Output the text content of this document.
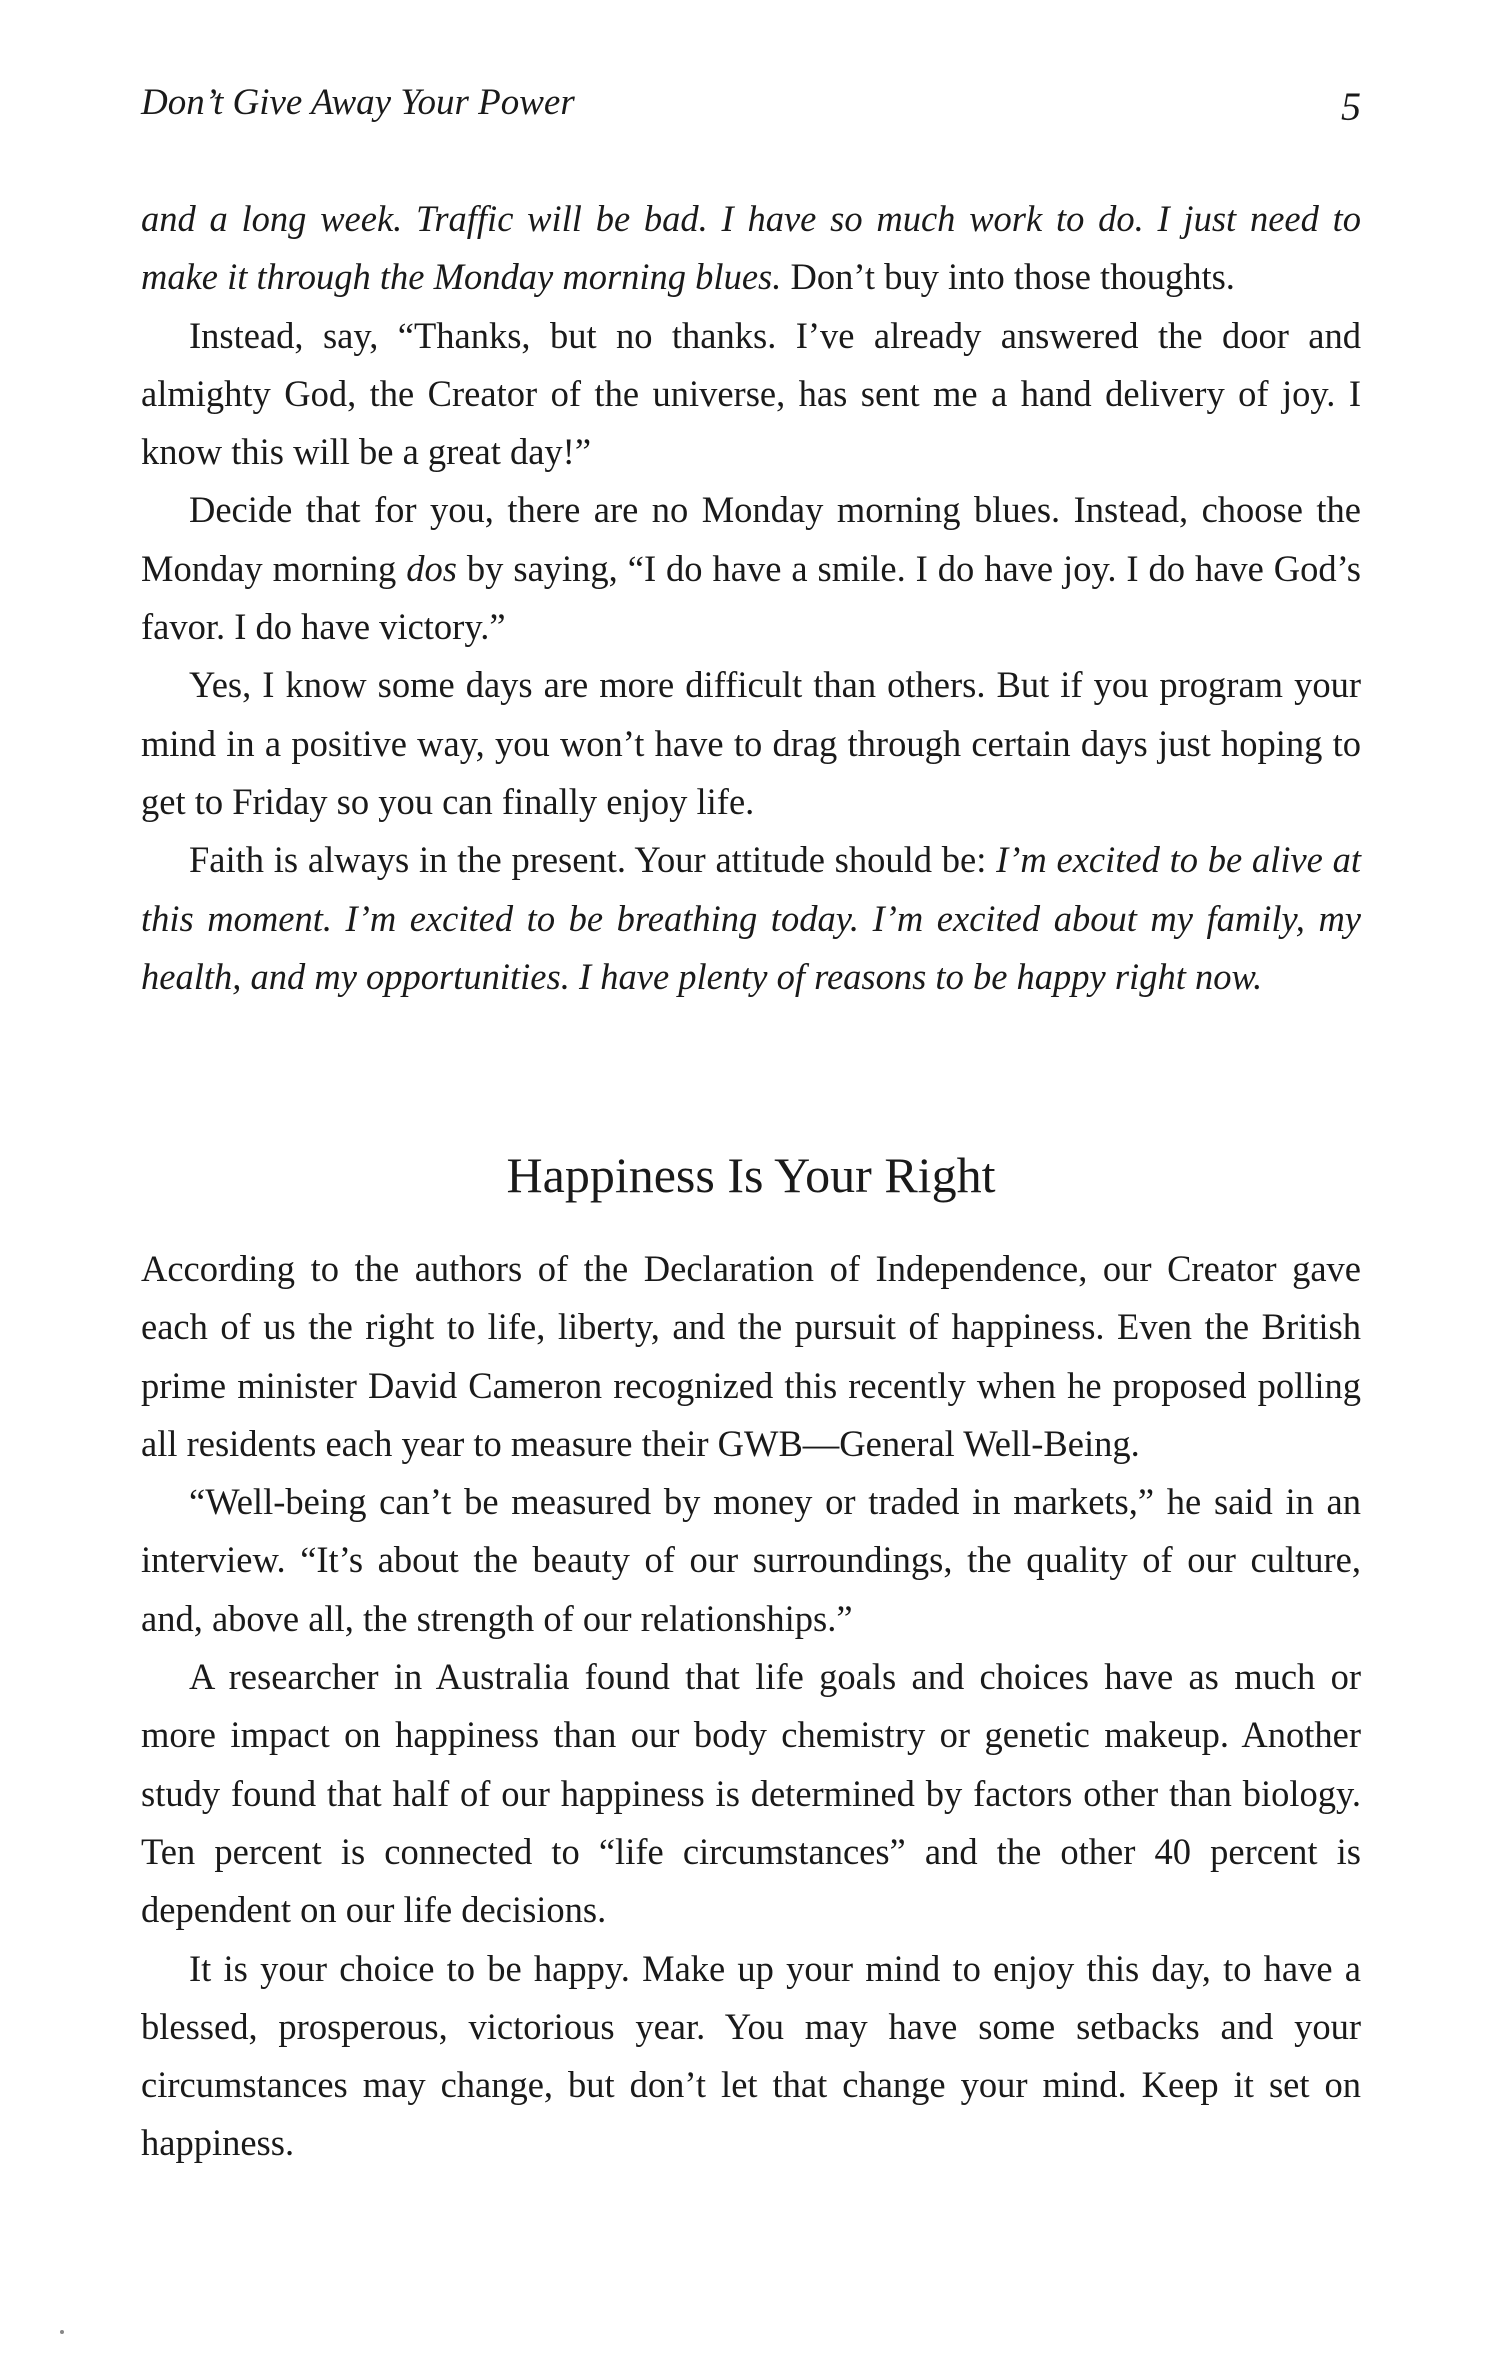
Don’t Give Away Your Power	5

and a long week. Traffic will be bad. I have so much work to do. I just need to make it through the Monday morning blues. Don’t buy into those thoughts.

Instead, say, “Thanks, but no thanks. I’ve already answered the door and almighty God, the Creator of the universe, has sent me a hand delivery of joy. I know this will be a great day!”

Decide that for you, there are no Monday morning blues. Instead, choose the Monday morning dos by saying, “I do have a smile. I do have joy. I do have God’s favor. I do have victory.”

Yes, I know some days are more difficult than others. But if you program your mind in a positive way, you won’t have to drag through certain days just hoping to get to Friday so you can finally enjoy life.

Faith is always in the present. Your attitude should be: I’m excited to be alive at this moment. I’m excited to be breathing today. I’m excited about my family, my health, and my opportunities. I have plenty of reasons to be happy right now.

Happiness Is Your Right

According to the authors of the Declaration of Independence, our Creator gave each of us the right to life, liberty, and the pursuit of happiness. Even the British prime minister David Cameron recognized this recently when he proposed polling all residents each year to measure their GWB—General Well-Being.

“Well-being can’t be measured by money or traded in markets,” he said in an interview. “It’s about the beauty of our surroundings, the quality of our culture, and, above all, the strength of our relationships.”

A researcher in Australia found that life goals and choices have as much or more impact on happiness than our body chemistry or genetic makeup. Another study found that half of our happiness is determined by factors other than biology. Ten percent is connected to “life circumstances” and the other 40 percent is dependent on our life decisions.

It is your choice to be happy. Make up your mind to enjoy this day, to have a blessed, prosperous, victorious year. You may have some setbacks and your circumstances may change, but don’t let that change your mind. Keep it set on happiness.
